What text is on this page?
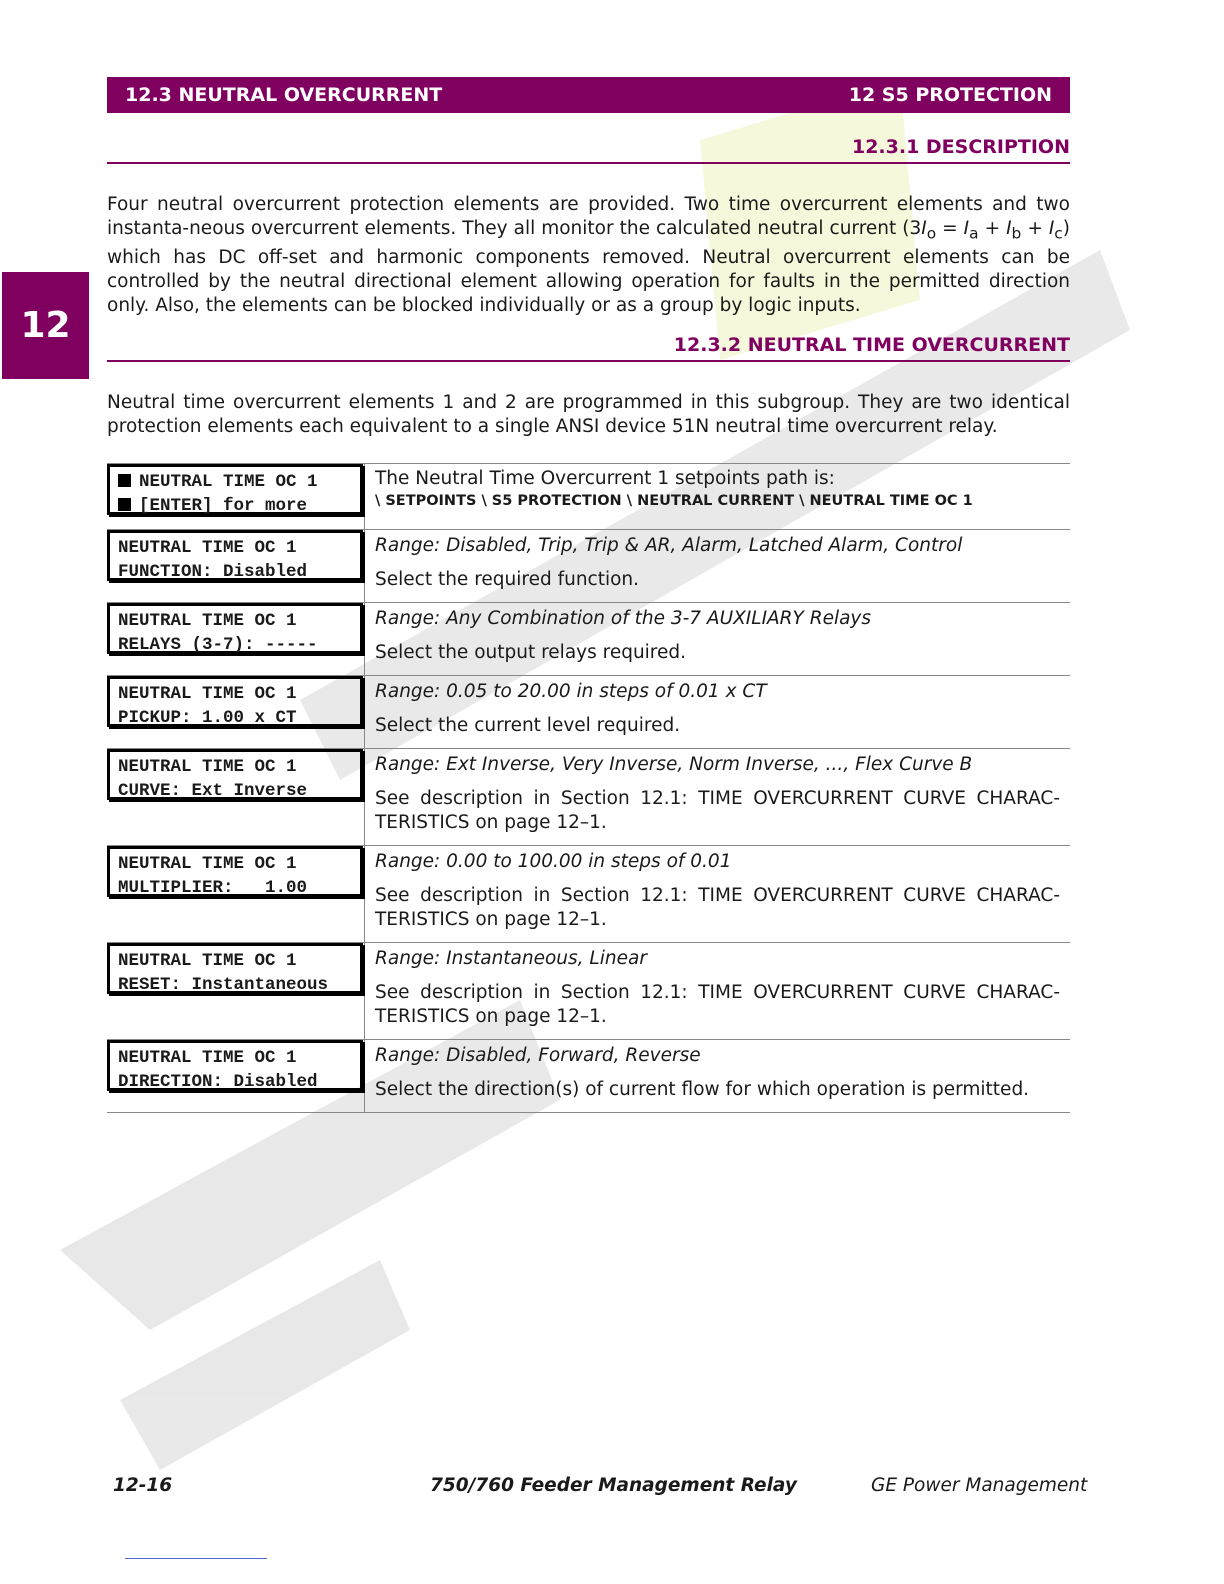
12.3 NEUTRAL OVERCURRENT	12 S5 PROTECTION
12
12.3.1 DESCRIPTION

Four neutral overcurrent protection elements are provided. Two time overcurrent elements and two instanta-neous overcurrent elements. They all monitor the calculated neutral current $(3I_o = I_a + I_b + I_c)$ which has DC off-set and harmonic components removed. Neutral overcurrent elements can be controlled by the neutral directional element allowing operation for faults in the permitted direction only. Also, the elements can be blocked individually or as a group by logic inputs.

12.3.2 NEUTRAL TIME OVERCURRENT

Neutral time overcurrent elements 1 and 2 are programmed in this subgroup. They are two identical protection elements each equivalent to a single ANSI device 51N neutral time overcurrent relay.

NEUTRAL TIME OC 1
[ENTER] for more
The Neutral Time Overcurrent 1 setpoints path is:
\ SETPOINTS \ S5 PROTECTION \ NEUTRAL CURRENT \ NEUTRAL TIME OC 1
NEUTRAL TIME OC 1
FUNCTION: Disabled
Range: Disabled, Trip, Trip & AR, Alarm, Latched Alarm, Control
Select the required function.
NEUTRAL TIME OC 1
RELAYS (3-7): -----
Range: Any Combination of the 3-7 AUXILIARY Relays
Select the output relays required.
NEUTRAL TIME OC 1
PICKUP: 1.00 x CT
Range: 0.05 to 20.00 in steps of 0.01 x CT
Select the current level required.
NEUTRAL TIME OC 1
CURVE: Ext Inverse
Range: Ext Inverse, Very Inverse, Norm Inverse, ..., Flex Curve B
See description in Section 12.1: TIME OVERCURRENT CURVE CHARAC-TERISTICS on page 12–1.
NEUTRAL TIME OC 1
MULTIPLIER:   1.00
Range: 0.00 to 100.00 in steps of 0.01
See description in Section 12.1: TIME OVERCURRENT CURVE CHARAC-TERISTICS on page 12–1.
NEUTRAL TIME OC 1
RESET: Instantaneous
Range: Instantaneous, Linear
See description in Section 12.1: TIME OVERCURRENT CURVE CHARAC-TERISTICS on page 12–1.
NEUTRAL TIME OC 1
DIRECTION: Disabled
Range: Disabled, Forward, Reverse
Select the direction(s) of current flow for which operation is permitted.
12-16	750/760 Feeder Management Relay	GE Power Management
